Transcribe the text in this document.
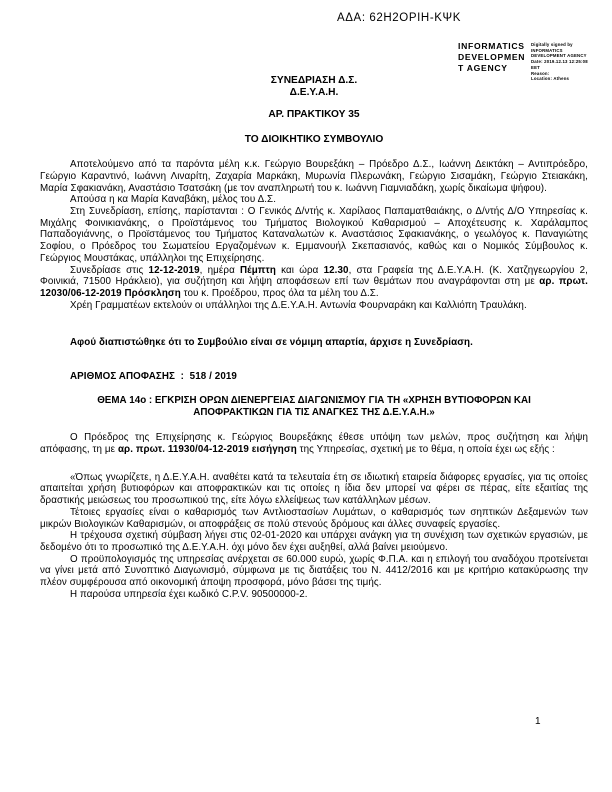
ΑΔΑ: 62Η2ΟΡΙΗ-ΚΨΚ
INFORMATICS
DEVELOPMEN
T AGENCY
Digitally signed by
INFORMATICS
DEVELOPMENT AGENCY
Date: 2019.12.13 12:25:08
EET
Reason:
Location: Athens
ΣΥΝΕΔΡΙΑΣΗ Δ.Σ.
Δ.Ε.Υ.Α.Η.
ΑΡ. ΠΡΑΚΤΙΚΟΥ 35
ΤΟ ΔΙΟΙΚΗΤΙΚΟ ΣΥΜΒΟΥΛΙΟ

Αποτελούμενο από τα παρόντα μέλη κ.κ. Γεώργιο Βουρεξάκη – Πρόεδρο Δ.Σ., Ιωάννη Δεικτάκη – Αντιπρόεδρο, Γεώργιο Καραντινό, Ιωάννη Λιναρίτη, Ζαχαρία Μαρκάκη, Μυρωνία Πλερωνάκη, Γεώργιο Σισαμάκη, Γεώργιο Στειακάκη, Μαρία Σφακιανάκη, Αναστάσιο Τσατσάκη (με τον αναπληρωτή του κ. Ιωάννη Γιαμνιαδάκη, χωρίς δικαίωμα ψήφου).

Απούσα η κα Μαρία Καναβάκη, μέλος του Δ.Σ.

Στη Συνεδρίαση, επίσης, παρίστανται : Ο Γενικός Δ/ντής κ. Χαρίλαος Παπαματθαιάκης, ο Δ/ντής Δ/Ο Υπηρεσίας κ. Μιχάλης Φοινικιανάκης, ο Προϊστάμενος του Τμήματος Βιολογικού Καθαρισμού – Αποχέτευσης κ. Χαράλαμπος Παπαδογιάννης, ο Προϊστάμενος του Τμήματος Καταναλωτών κ. Αναστάσιος Σφακιανάκης, ο γεωλόγος κ. Παναγιώτης Σοφίου, ο Πρόεδρος του Σωματείου Εργαζομένων κ. Εμμανουήλ Σκεπασιανός, καθώς και ο Νομικός Σύμβουλος κ. Γεώργιος Μουστάκας, υπάλληλοι της Επιχείρησης.

Συνεδρίασε στις 12-12-2019, ημέρα Πέμπτη και ώρα 12.30, στα Γραφεία της Δ.Ε.Υ.Α.Η. (Κ. Χατζηγεωργίου 2, Φοινικιά, 71500 Ηράκλειο), για συζήτηση και λήψη αποφάσεων επί των θεμάτων που αναγράφονται στη με αρ. πρωτ. 12030/06-12-2019 Πρόσκληση του κ. Προέδρου, προς όλα τα μέλη του Δ.Σ.

Χρέη Γραμματέων εκτελούν οι υπάλληλοι της Δ.Ε.Υ.Α.Η. Αντωνία Φουρναράκη και Καλλιόπη Τραυλάκη.

Αφού διαπιστώθηκε ότι το Συμβούλιο είναι σε νόμιμη απαρτία, άρχισε η Συνεδρίαση.

ΑΡΙΘΜΟΣ ΑΠΟΦΑΣΗΣ  :  518 / 2019

ΘΕΜΑ 14ο : ΕΓΚΡΙΣΗ ΟΡΩΝ ΔΙΕΝΕΡΓΕΙΑΣ ΔΙΑΓΩΝΙΣΜΟΥ ΓΙΑ ΤΗ «ΧΡΗΣΗ ΒΥΤΙΟΦΟΡΩΝ ΚΑΙ
ΑΠΟΦΡΑΚΤΙΚΩΝ ΓΙΑ ΤΙΣ ΑΝΑΓΚΕΣ ΤΗΣ Δ.Ε.Υ.Α.Η.»

Ο Πρόεδρος της Επιχείρησης κ. Γεώργιος Βουρεξάκης έθεσε υπόψη των μελών, προς συζήτηση και λήψη απόφασης, τη με αρ. πρωτ. 11930/04-12-2019 εισήγηση της Υπηρεσίας, σχετική με το θέμα, η οποία έχει ως εξής :

«Όπως γνωρίζετε, η Δ.Ε.Υ.Α.Η. αναθέτει κατά τα τελευταία έτη σε ιδιωτική εταιρεία διάφορες εργασίες, για τις οποίες απαιτείται χρήση βυτιοφόρων και αποφρακτικών και τις οποίες η ίδια δεν μπορεί να φέρει σε πέρας, είτε εξαιτίας της δραστικής μειώσεως του προσωπικού της, είτε λόγω ελλείψεως των κατάλληλων μέσων.

Τέτοιες εργασίες είναι ο καθαρισμός των Αντλιοστασίων Λυμάτων, ο καθαρισμός των σηπτικών Δεξαμενών των μικρών Βιολογικών Καθαρισμών, οι αποφράξεις σε πολύ στενούς δρόμους και άλλες συναφείς εργασίες.

Η τρέχουσα σχετική σύμβαση λήγει στις 02-01-2020 και υπάρχει ανάγκη για τη συνέχιση των σχετικών εργασιών, με δεδομένο ότι το προσωπικό της Δ.Ε.Υ.Α.Η. όχι μόνο δεν έχει αυξηθεί, αλλά βαίνει μειούμενο.

Ο προϋπολογισμός της υπηρεσίας ανέρχεται σε 60.000 ευρώ, χωρίς Φ.Π.Α. και η επιλογή του αναδόχου προτείνεται να γίνει μετά από Συνοπτικό Διαγωνισμό, σύμφωνα με τις διατάξεις του Ν. 4412/2016 και με κριτήριο κατακύρωσης την πλέον συμφέρουσα από οικονομική άποψη προσφορά, μόνο βάσει της τιμής.

Η παρούσα υπηρεσία έχει κωδικό C.P.V. 90500000-2.

1
